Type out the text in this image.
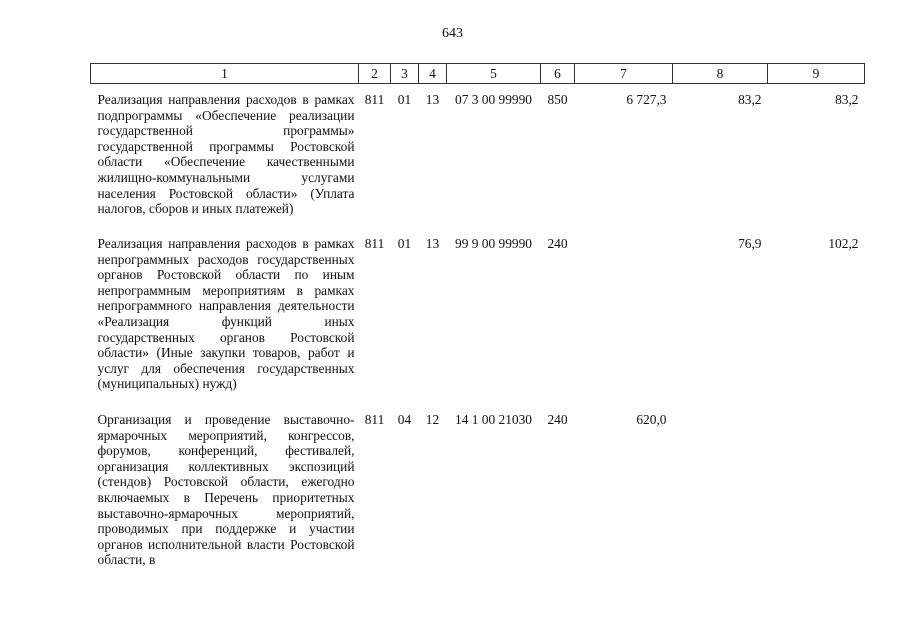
643
1	2	3	4	5	6	7	8	9
Реализация направления расходов в рамках подпрограммы «Обеспечение реализации государственной программы» государственной программы Ростовской области «Обеспечение качественными жилищно-коммунальными услугами населения Ростовской области» (Уплата налогов, сборов и иных платежей)	811	01	13	07 3 00 99990	850	6 727,3	83,2	83,2
Реализация направления расходов в рамках непрограммных расходов государственных органов Ростовской области по иным непрограммным мероприятиям в рамках непрограммного направления деятельности «Реализация функций иных государственных органов Ростовской области» (Иные закупки товаров, работ и услуг для обеспечения государственных (муниципальных) нужд)	811	01	13	99 9 00 99990	240		76,9	102,2
Организация и проведение выставочно-ярмарочных мероприятий, конгрессов, форумов, конференций, фестивалей, организация коллективных экспозиций (стендов) Ростовской области, ежегодно включаемых в Перечень приоритетных выставочно-ярмарочных мероприятий, проводимых при поддержке и участии органов исполнительной власти Ростовской области, в	811	04	12	14 1 00 21030	240	620,0		
